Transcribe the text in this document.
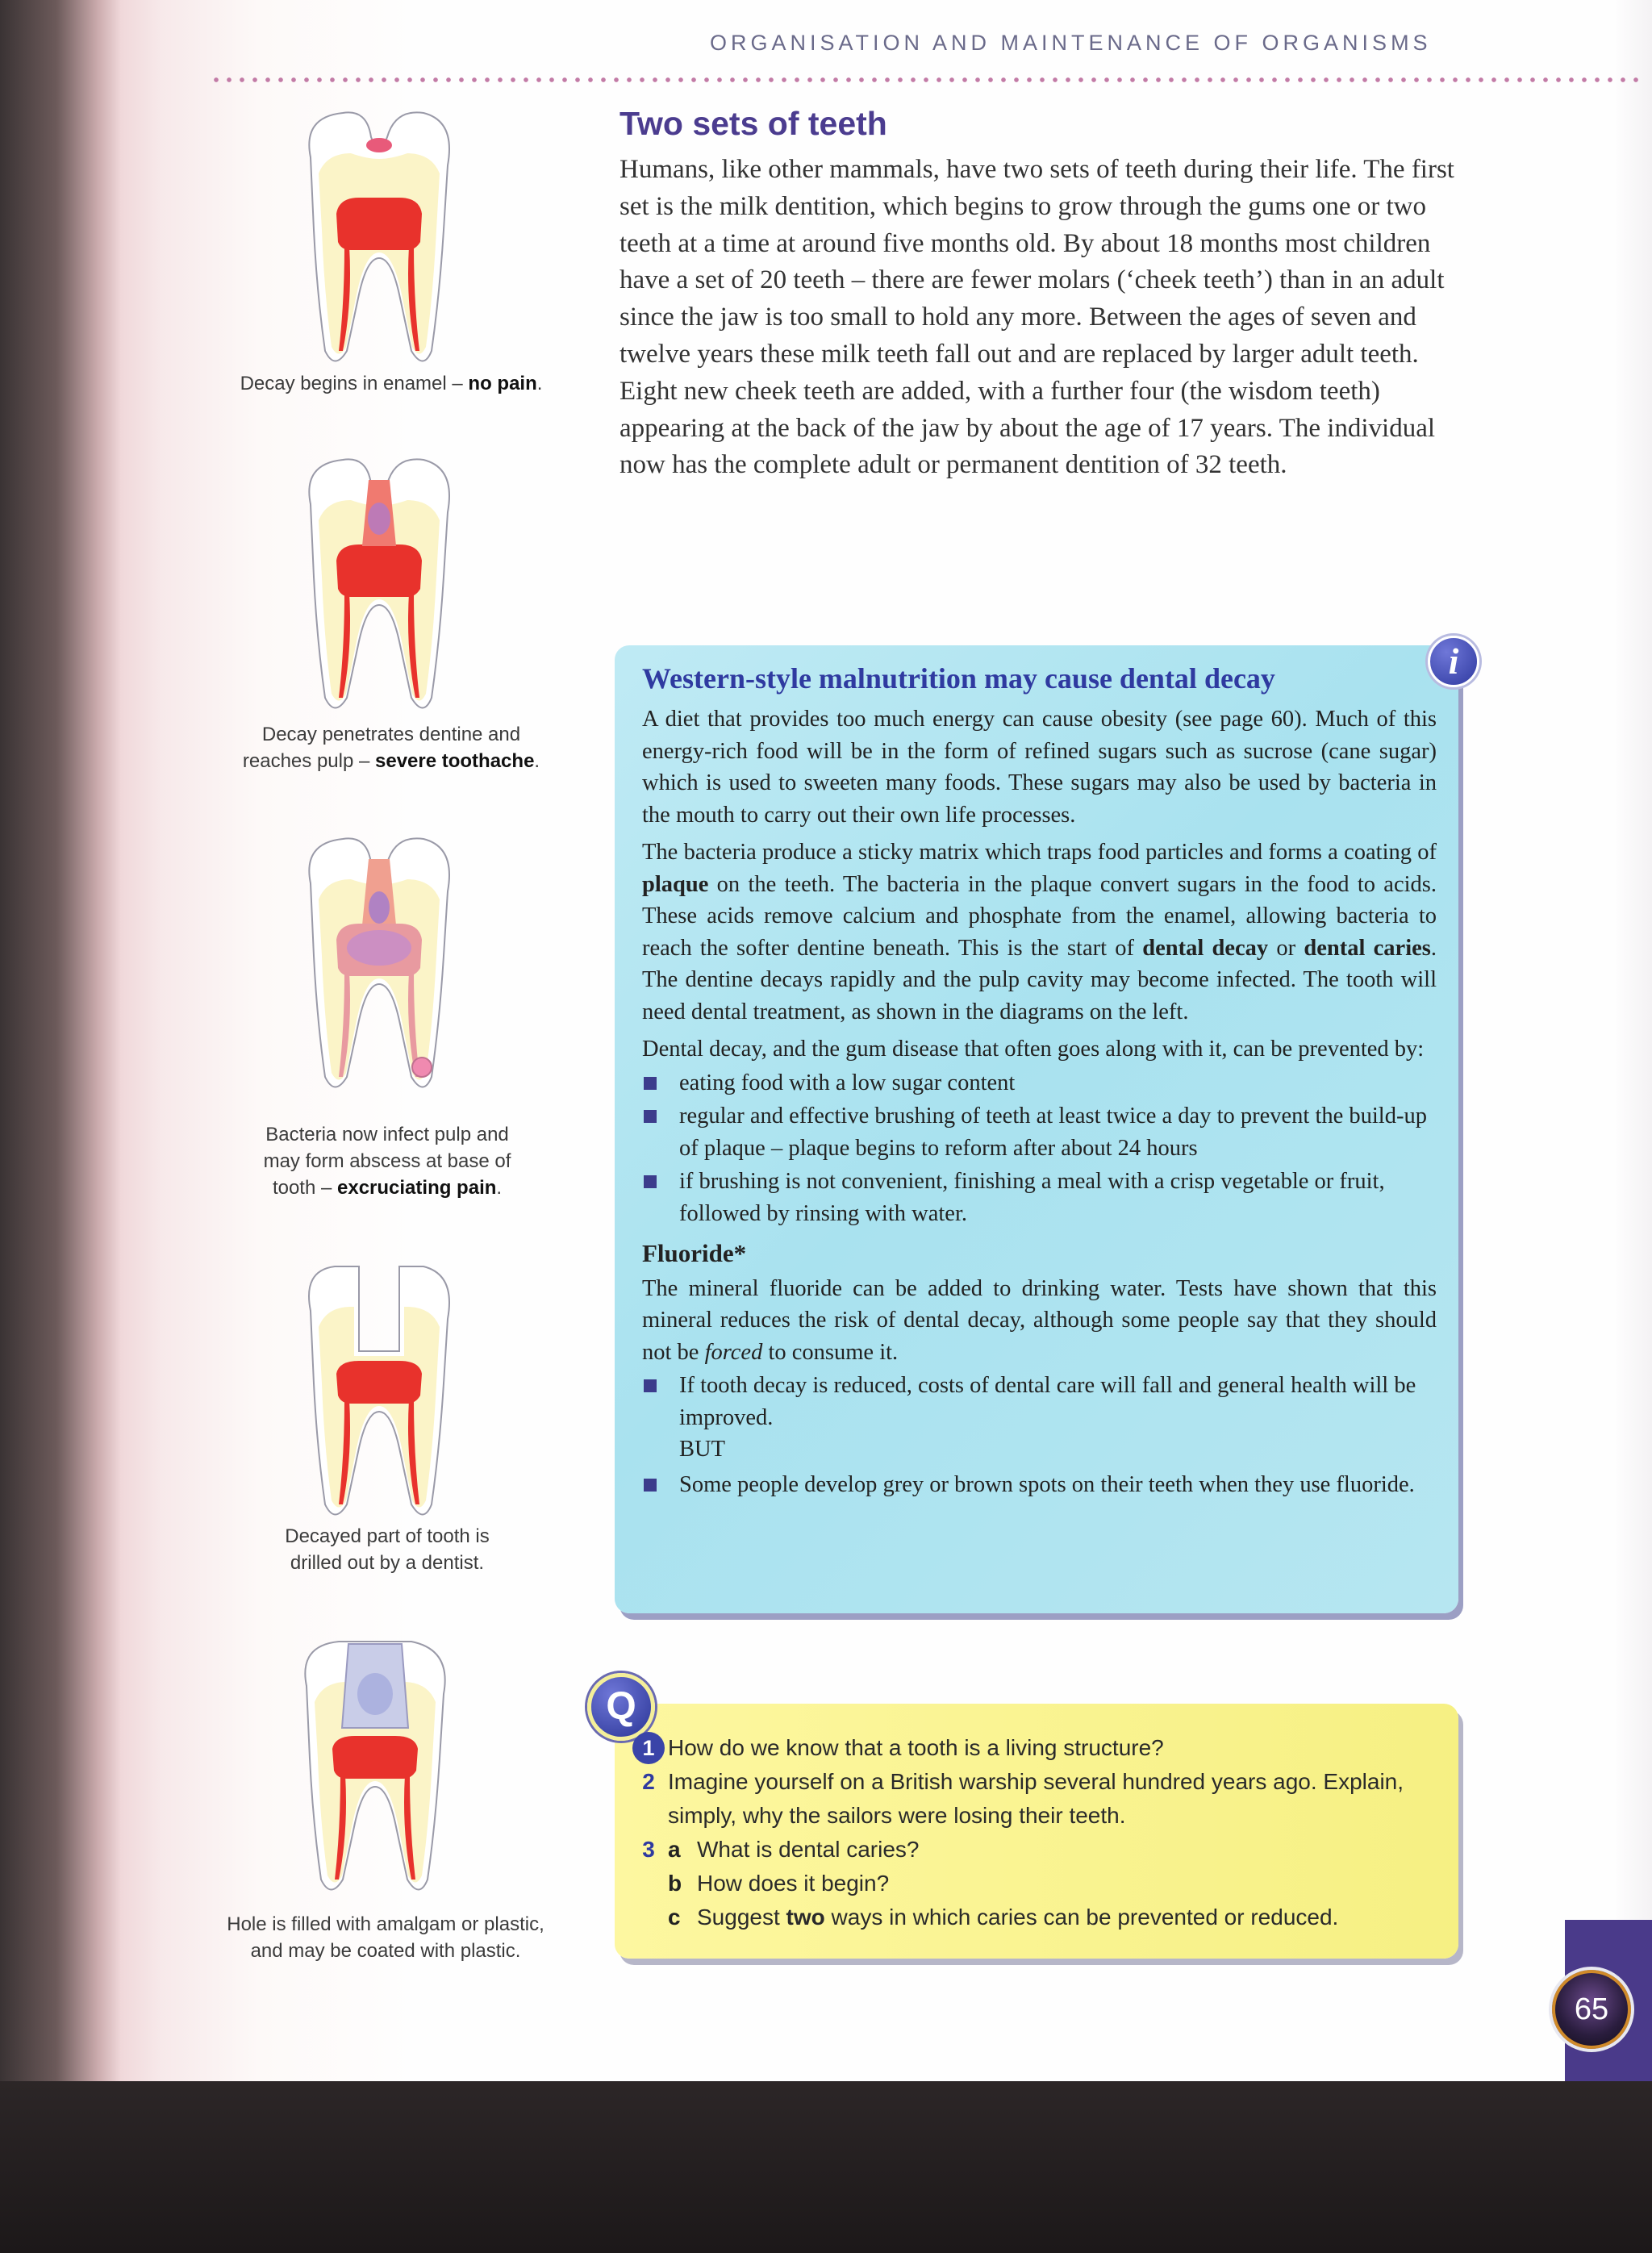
ORGANISATION AND MAINTENANCE OF ORGANISMS
Two sets of teeth
Humans, like other mammals, have two sets of teeth during their life. The first set is the milk dentition, which begins to grow through the gums one or two teeth at a time at around five months old. By about 18 months most children have a set of 20 teeth – there are fewer molars (‘cheek teeth’) than in an adult since the jaw is too small to hold any more. Between the ages of seven and twelve years these milk teeth fall out and are replaced by larger adult teeth. Eight new cheek teeth are added, with a further four (the wisdom teeth) appearing at the back of the jaw by about the age of 17 years. The individual now has the complete adult or permanent dentition of 32 teeth.
Decay begins in enamel – no pain.
Decay penetrates dentine and reaches pulp – severe toothache.
Bacteria now infect pulp and may form abscess at base of tooth – excruciating pain.
Decayed part of tooth is drilled out by a dentist.
Hole is filled with amalgam or plastic, and may be coated with plastic.
i
Western-style malnutrition may cause dental decay

A diet that provides too much energy can cause obesity (see page 60). Much of this energy-rich food will be in the form of refined sugars such as sucrose (cane sugar) which is used to sweeten many foods. These sugars may also be used by bacteria in the mouth to carry out their own life processes.

The bacteria produce a sticky matrix which traps food particles and forms a coating of plaque on the teeth. The bacteria in the plaque convert sugars in the food to acids. These acids remove calcium and phosphate from the enamel, allowing bacteria to reach the softer dentine beneath. This is the start of dental decay or dental caries. The dentine decays rapidly and the pulp cavity may become infected. The tooth will need dental treatment, as shown in the diagrams on the left.

Dental decay, and the gum disease that often goes along with it, can be prevented by:

eating food with a low sugar content
regular and effective brushing of teeth at least twice a day to prevent the build-up of plaque – plaque begins to reform after about 24 hours
if brushing is not convenient, finishing a meal with a crisp vegetable or fruit, followed by rinsing with water.
Fluoride*

The mineral fluoride can be added to drinking water. Tests have shown that this mineral reduces the risk of dental decay, although some people say that they should not be forced to consume it.

If tooth decay is reduced, costs of dental care will fall and general health will be improved.
BUT
Some people develop grey or brown spots on their teeth when they use fluoride.
Q
1 How do we know that a tooth is a living structure?
2 Imagine yourself on a British warship several hundred years ago. Explain, simply, why the sailors were losing their teeth.
3 a What is dental caries?
b How does it begin?
c Suggest two ways in which caries can be prevented or reduced.
65
